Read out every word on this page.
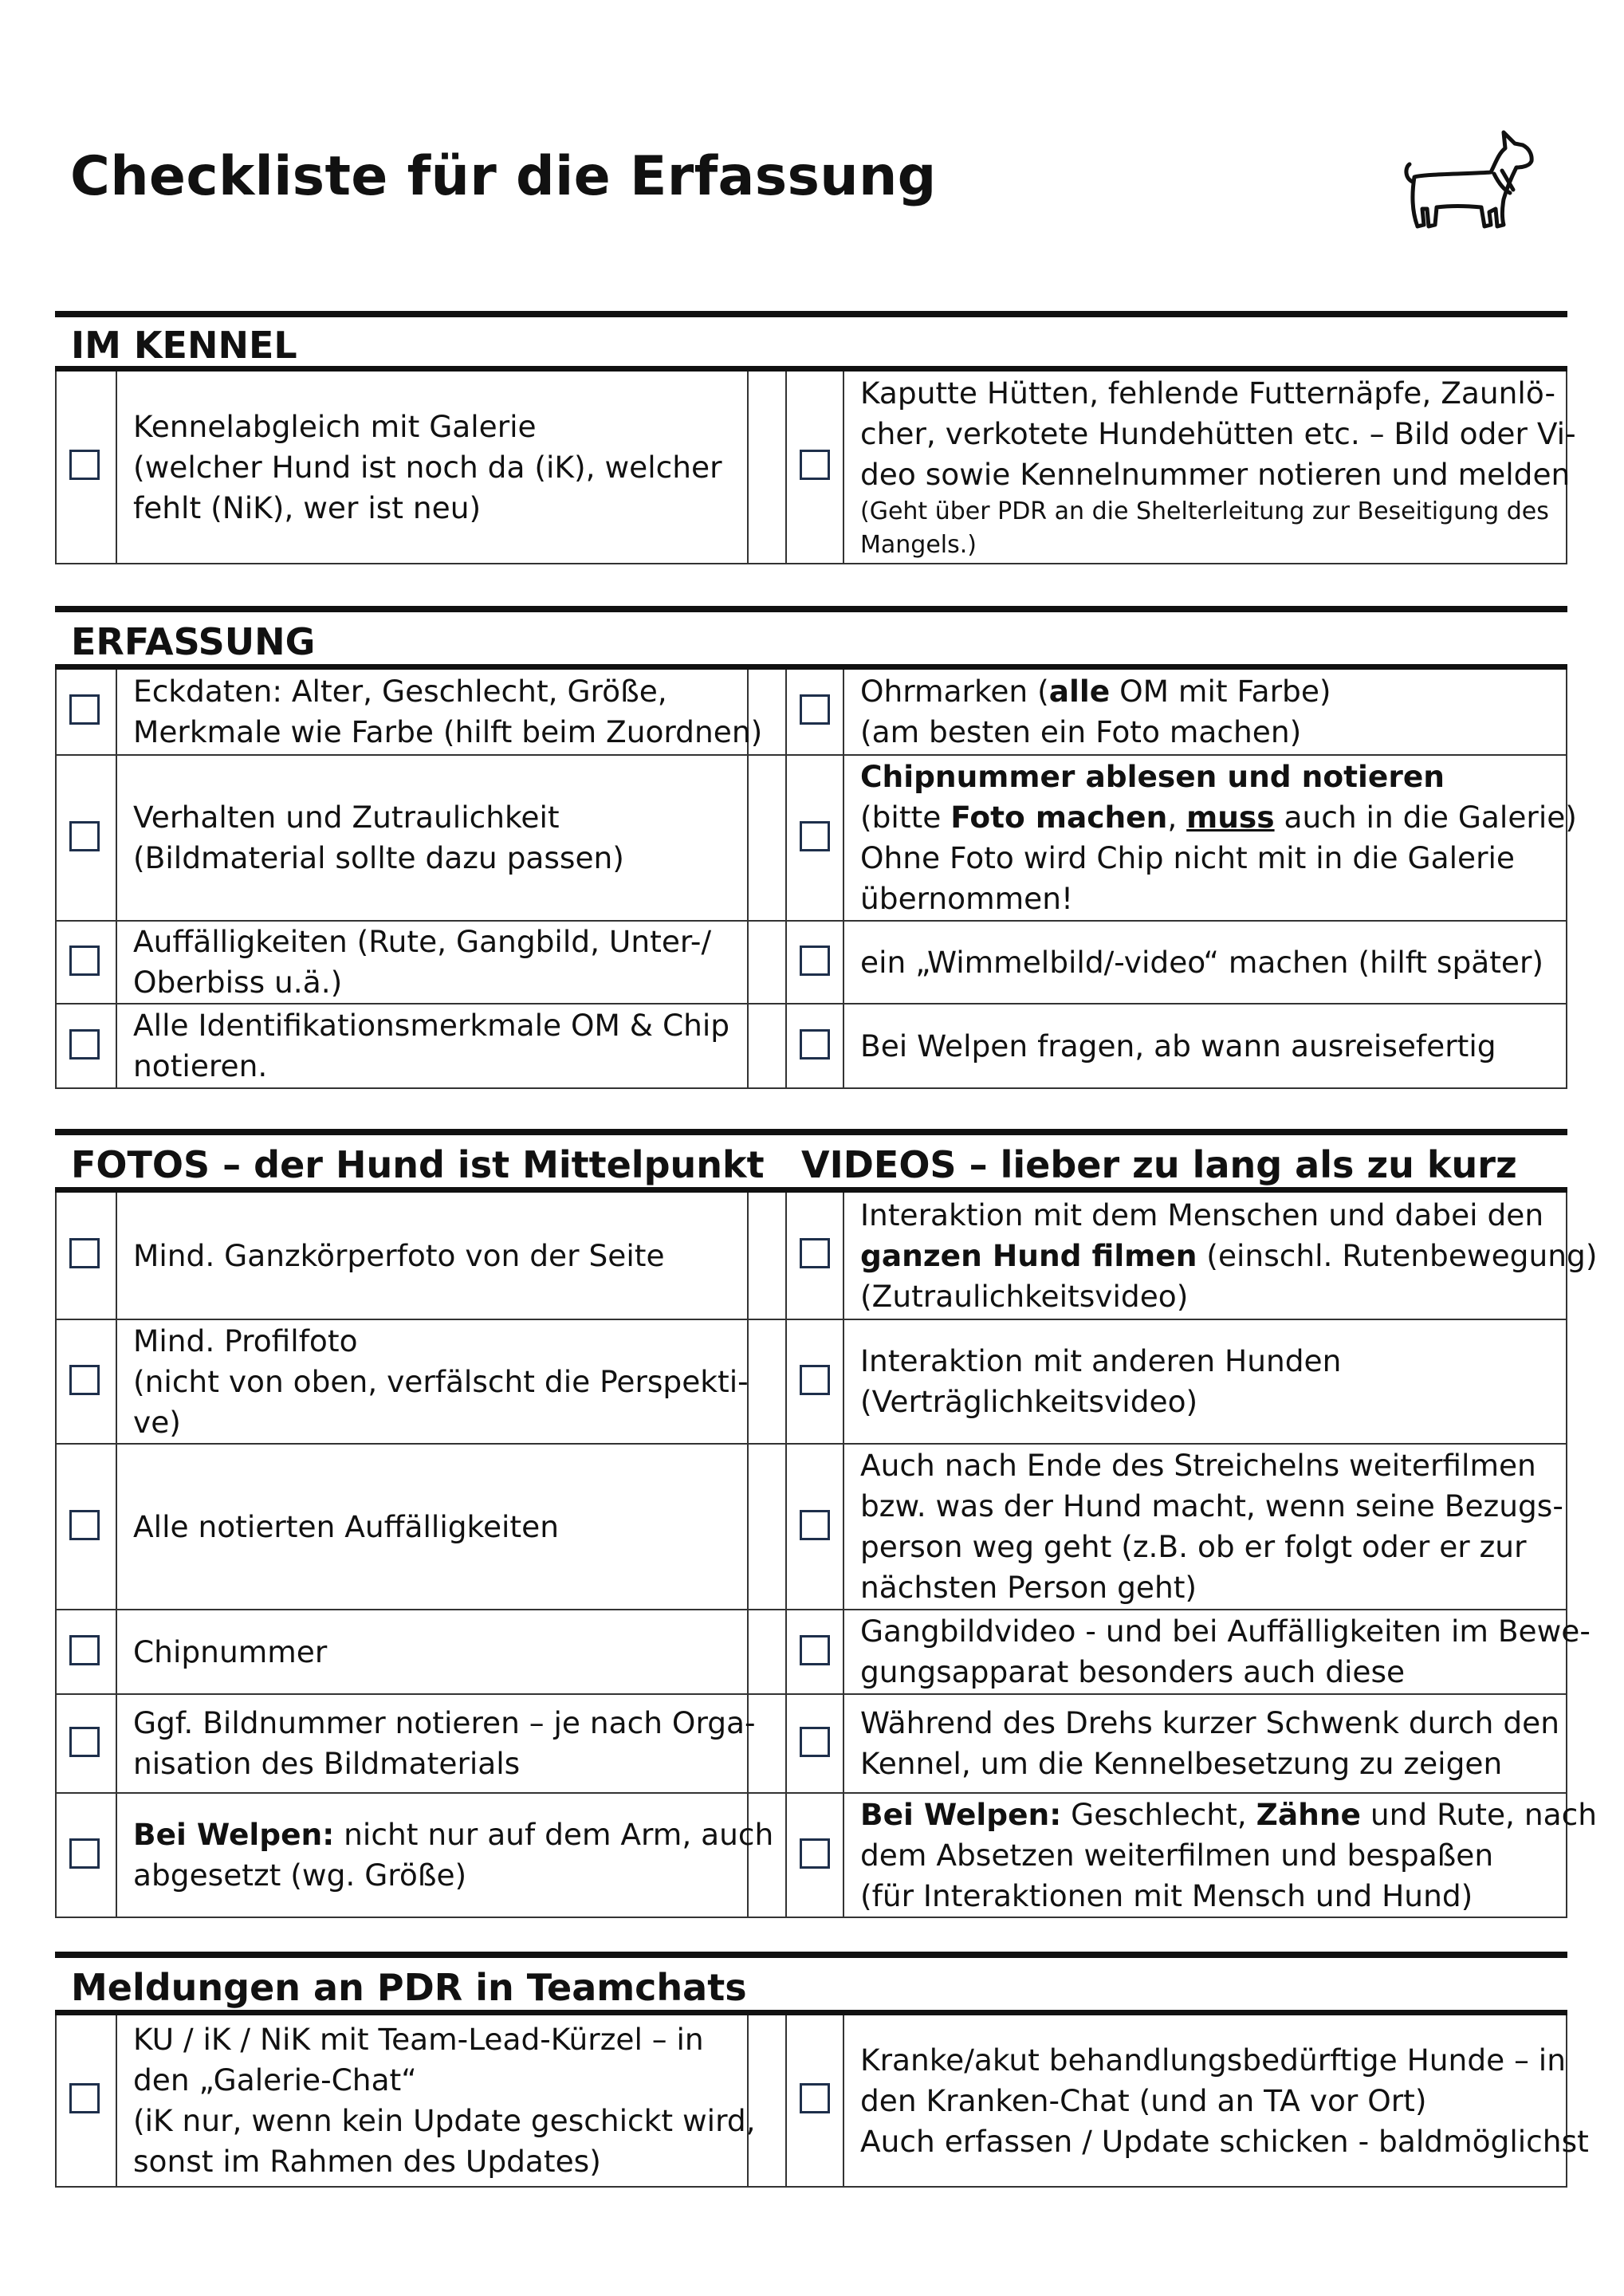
Checkliste für die Erfassung
IM KENNEL
Kennelabgleich mit Galerie
(welcher Hund ist noch da (iK), welcher
fehlt (NiK), wer ist neu)
Kaputte Hütten, fehlende Futternäpfe, Zaunlö-
cher, verkotete Hundehütten etc. – Bild oder Vi-
deo sowie Kennelnummer notieren und melden
(Geht über PDR an die Shelterleitung zur Beseitigung des
Mangels.)
ERFASSUNG
Eckdaten: Alter, Geschlecht, Größe,
Merkmale wie Farbe (hilft beim Zuordnen)
Ohrmarken (alle OM mit Farbe)
(am besten ein Foto machen)
Verhalten und Zutraulichkeit
(Bildmaterial sollte dazu passen)
Chipnummer ablesen und notieren
(bitte Foto machen, muss auch in die Galerie)
Ohne Foto wird Chip nicht mit in die Galerie
übernommen!
Auffälligkeiten (Rute, Gangbild, Unter-/
Oberbiss u.ä.)
ein „Wimmelbild/-video“ machen (hilft später)
Alle Identifikationsmerkmale OM & Chip
notieren.
Bei Welpen fragen, ab wann ausreisefertig
FOTOS – der Hund ist Mittelpunkt VIDEOS – lieber zu lang als zu kurz
Mind. Ganzkörperfoto von der Seite
Interaktion mit dem Menschen und dabei den
ganzen Hund filmen (einschl. Rutenbewegung)
(Zutraulichkeitsvideo)
Mind. Profilfoto
(nicht von oben, verfälscht die Perspekti-
ve)
Interaktion mit anderen Hunden
(Verträglichkeitsvideo)
Alle notierten Auffälligkeiten
Auch nach Ende des Streichelns weiterfilmen
bzw. was der Hund macht, wenn seine Bezugs-
person weg geht (z.B. ob er folgt oder er zur
nächsten Person geht)
Chipnummer
Gangbildvideo - und bei Auffälligkeiten im Bewe-
gungsapparat besonders auch diese
Ggf. Bildnummer notieren – je nach Orga-
nisation des Bildmaterials
Während des Drehs kurzer Schwenk durch den
Kennel, um die Kennelbesetzung zu zeigen
Bei Welpen: nicht nur auf dem Arm, auch
abgesetzt (wg. Größe)
Bei Welpen: Geschlecht, Zähne und Rute, nach
dem Absetzen weiterfilmen und bespaßen
(für Interaktionen mit Mensch und Hund)
Meldungen an PDR in Teamchats
KU / iK / NiK mit Team-Lead-Kürzel – in
den „Galerie-Chat“
(iK nur, wenn kein Update geschickt wird,
sonst im Rahmen des Updates)
Kranke/akut behandlungsbedürftige Hunde – in
den Kranken-Chat (und an TA vor Ort)
Auch erfassen / Update schicken - baldmöglichst
